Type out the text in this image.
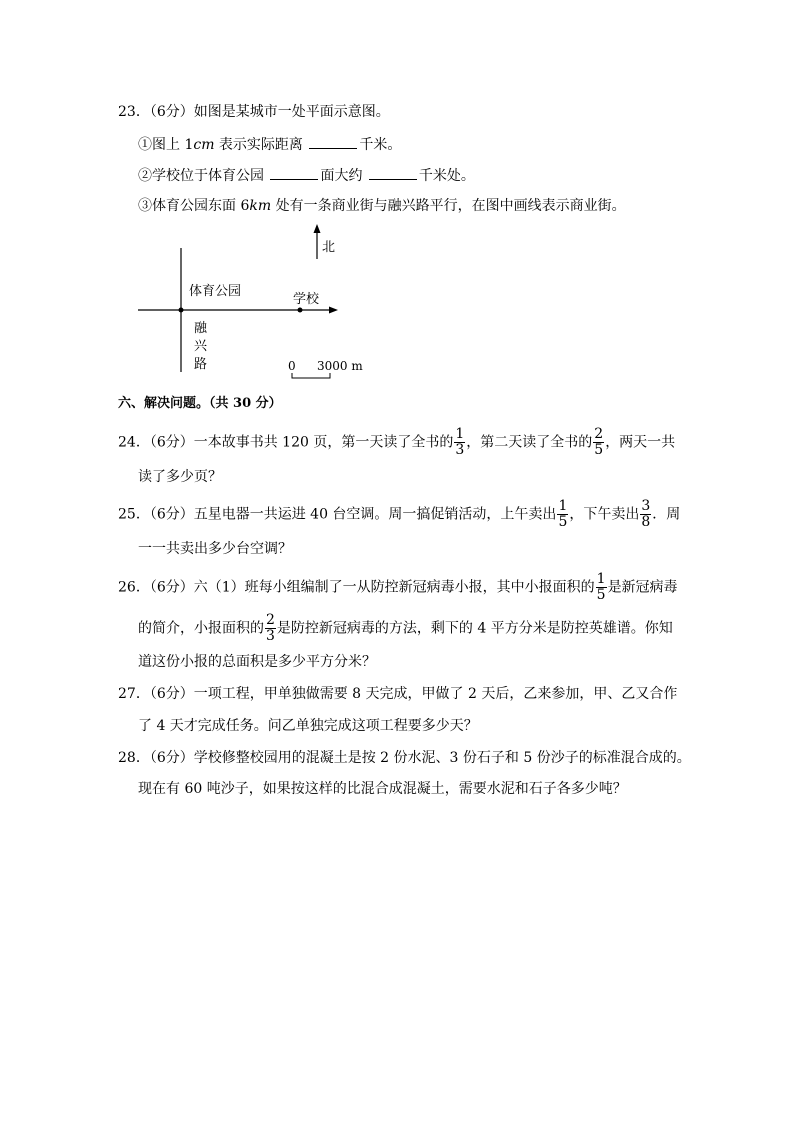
23．（6分）如图是某城市一处平面示意图。
①图上 1cm 表示实际距离	千米。
②学校位于体育公园	面大约	千米处。
③体育公园东面 6km 处有一条商业街与融兴路平行，在图中画线表示商业街。
北
体育公园
学校
融
兴
路	0 3000 m
六、解决问题。（共 30 分）
24．（6分）一本故事书共 120 页，第一天读了全书的 $\frac{1}{3}$ ，第二天读了全书的 $\frac{2}{5}$ ，两天一共
读了多少页？
25．（6分）五星电器一共运进 40 台空调。周一搞促销活动，上午卖出 $\frac{1}{5}$ ，下午卖出 $\frac{3}{8}$ ．周
一一共卖出多少台空调？
26．（6分）六（1）班每小组编制了一从防控新冠病毒小报，其中小报面积的 $\frac{1}{5}$ 是新冠病毒
的简介，小报面积的 $\frac{2}{3}$ 是防控新冠病毒的方法，剩下的 4 平方分米是防控英雄谱。你知
道这份小报的总面积是多少平方分米？
27．（6分）一项工程，甲单独做需要 8 天完成，甲做了 2 天后，乙来参加，甲、乙又合作
了 4 天才完成任务。问乙单独完成这项工程要多少天？
28．（6分）学校修整校园用的混凝土是按 2 份水泥、3 份石子和 5 份沙子的标准混合成的。
现在有 60 吨沙子，如果按这样的比混合成混凝土，需要水泥和石子各多少吨？
